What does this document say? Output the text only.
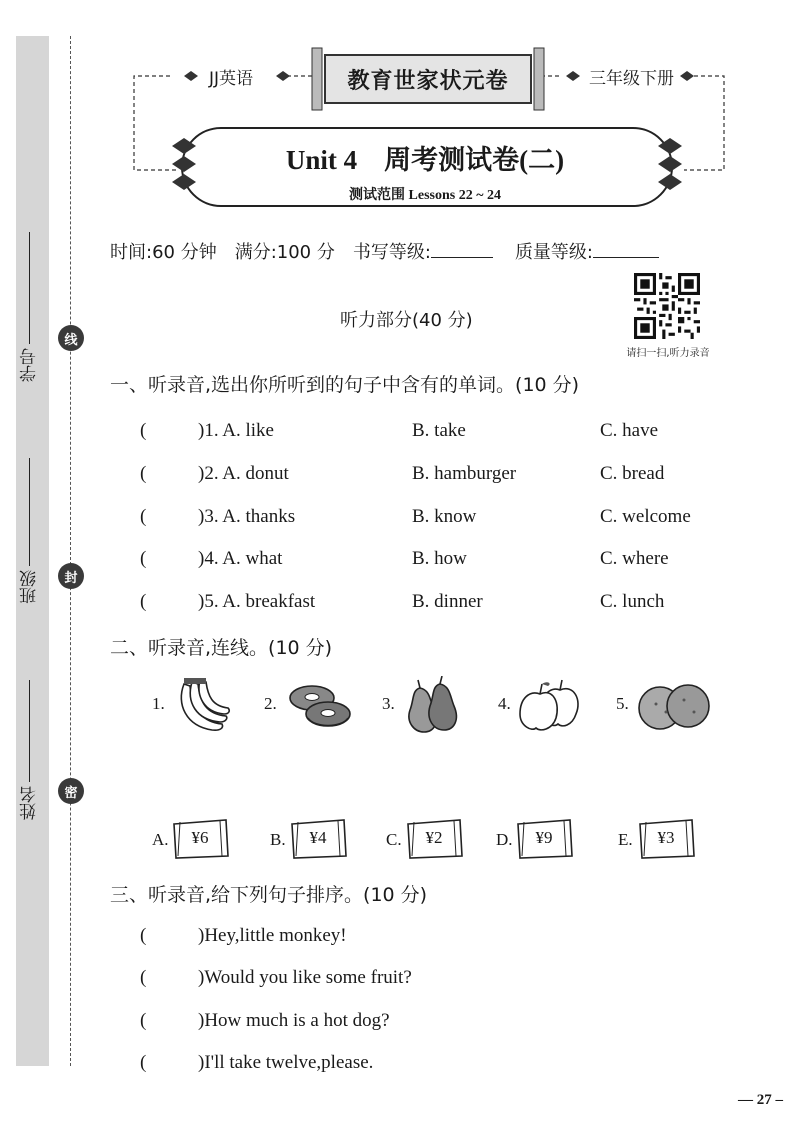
学号
班级
姓名
线
封
密
JJ英语	教育世家状元卷	三年级下册
Unit 4　周考测试卷(二)
测试范围 Lessons 22 ~ 24
时间:60 分钟 满分:100 分 书写等级:	质量等级:
请扫一扫,听力录音
听力部分(40 分)
一、听录音,选出你所听到的句子中含有的单词。(10 分)
(	)1. A. like	B. take	C. have
(	)2. A. donut	B. hamburger	C. bread
(	)3. A. thanks	B. know	C. welcome
(	)4. A. what	B. how	C. where
(	)5. A. breakfast	B. dinner	C. lunch
二、听录音,连线。(10 分)
1.	2.	3.	4.	5.
A.	¥6	B.	¥4	C.	¥2	D.	¥9	E.	¥3
三、听录音,给下列句子排序。(10 分)
(	)Hey,little monkey!
(	)Would you like some fruit?
(	)How much is a hot dog?
(	)I'll take twelve,please.
— 27 –
